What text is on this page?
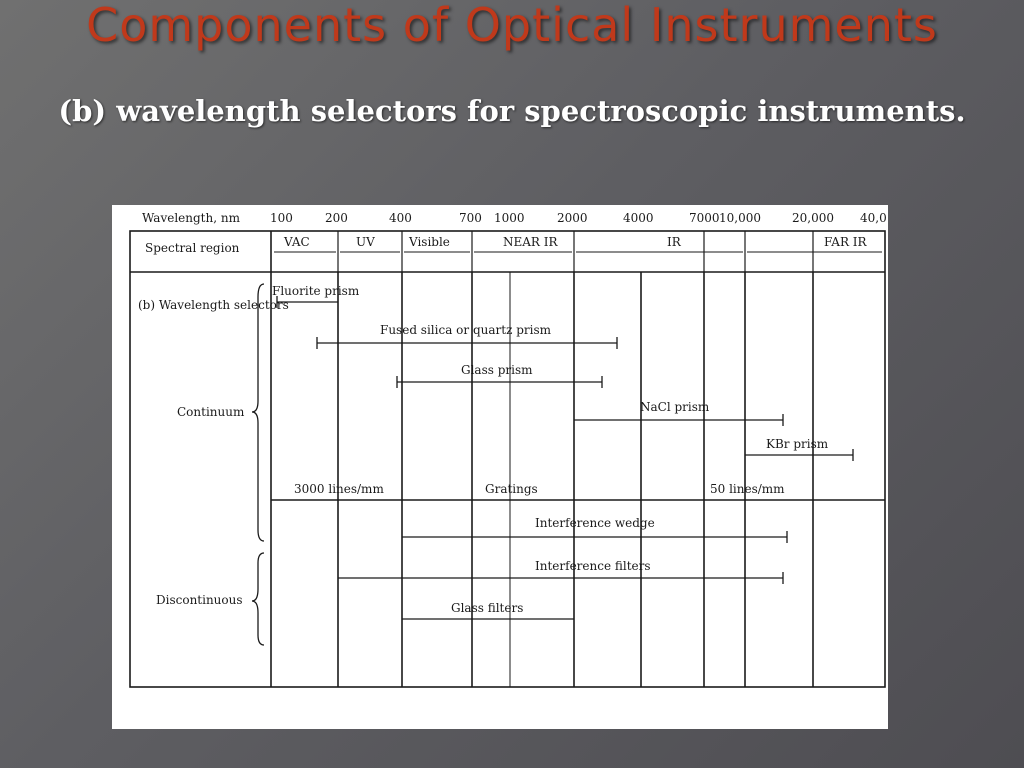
Components of Optical Instruments
(b) wavelength selectors for spectroscopic instruments.
Wavelength, nm	100	200	400	700 1000	2000	4000	7000 10,000	20,000 40,0
Spectral region	VAC	UV	Visible	NEAR IR	IR	FAR IR
(b) Wavelength selectors
Continuum
Discontinuous
Fluorite prism
Fused silica or quartz prism
Glass prism
NaCl prism
KBr prism
3000 lines/mm	Gratings	50 lines/mm
Interference wedge
Interference filters
Glass filters
